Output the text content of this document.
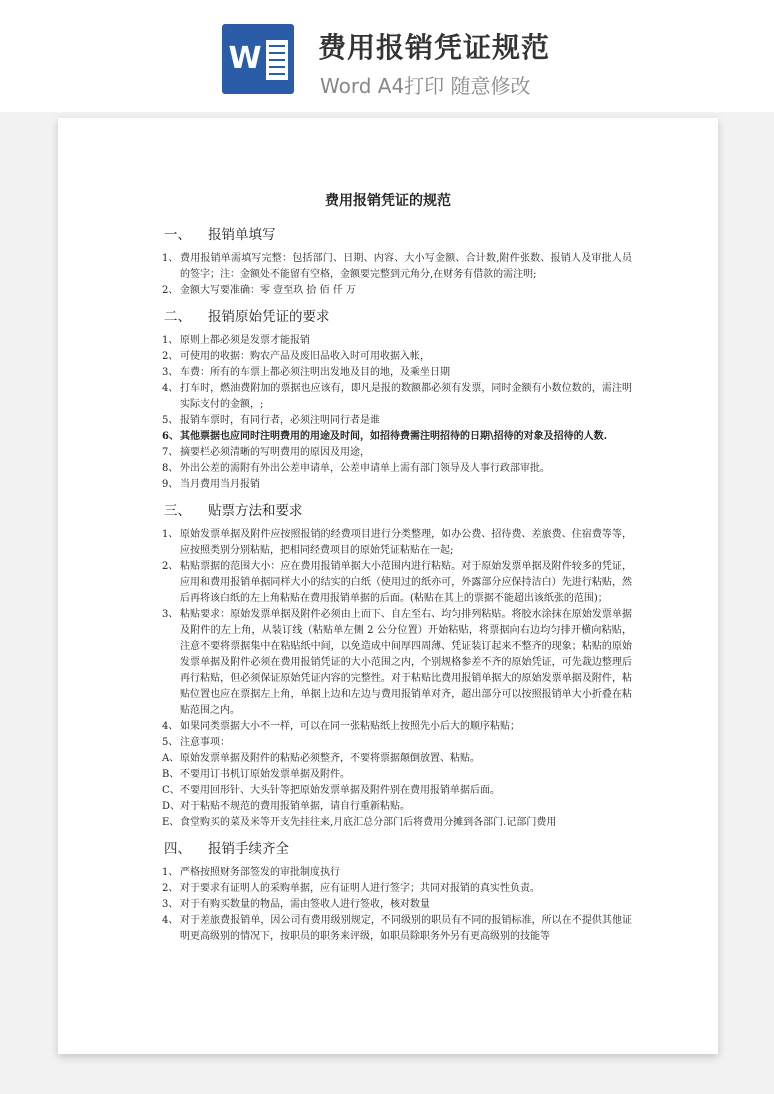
W 费用报销凭证规范
Word A4打印 随意修改
费用报销凭证的规范
一、 报销单填写
1、 费用报销单需填写完整：包括部门、日期、内容、大小写金额、合计数,附件张数、报销人及审批人员的签字；注：金额处不能留有空格，金额要完整到元角分,在财务有借款的需注明;
2、 金额大写要准确：零 壹至玖 拾 佰 仟 万
二、 报销原始凭证的要求
1、 原则上都必须是发票才能报销
2、 可使用的收据：购农产品及废旧品收入时可用收据入帐，
3、 车费：所有的车票上都必须注明出发地及目的地，及乘坐日期
4、 打车时，燃油费附加的票据也应该有，即凡是报的数额都必须有发票，同时金额有小数位数的，需注明实际支付的金额，;
5、 报销车票时，有同行者，必须注明同行者是谁
6、 其他票据也应同时注明费用的用途及时间，如招待费需注明招待的日期\招待的对象及招待的人数.
7、 摘要栏必须清晰的写明费用的原因及用途，
8、 外出公差的需附有外出公差申请单，公差申请单上需有部门领导及人事行政部审批。
9、 当月费用当月报销
三、 贴票方法和要求
1、 原始发票单据及附件应按照报销的经费项目进行分类整理，如办公费、招待费、差旅费、住宿费等等，应按照类别分别粘贴，把相同经费项目的原始凭证粘贴在一起;
2、 粘贴票据的范围大小：应在费用报销单据大小范围内进行粘贴。对于原始发票单据及附件较多的凭证，应用和费用报销单据同样大小的结实的白纸（使用过的纸亦可，外露部分应保持洁白）先进行粘贴，然后再将该白纸的左上角粘贴在费用报销单据的后面。(粘贴在其上的票据不能超出该纸张的范围)；
3、 粘贴要求：原始发票单据及附件必须由上而下、自左至右、均匀排列粘贴。将胶水涂抹在原始发票单据及附件的左上角，从装订线（粘贴单左侧 2 公分位置）开始粘贴，将票据向右边均匀排开横向粘贴，注意不要将票据集中在粘贴纸中间，以免造成中间厚四周薄、凭证装订起来不整齐的现象；粘贴的原始发票单据及附件必须在费用报销凭证的大小范围之内，个别规格参差不齐的原始凭证，可先裁边整理后再行粘贴，但必须保证原始凭证内容的完整性。对于粘贴比费用报销单据大的原始发票单据及附件，粘贴位置也应在票据左上角，单据上边和左边与费用报销单对齐，超出部分可以按照报销单大小折叠在粘贴范围之内。
4、 如果同类票据大小不一样，可以在同一张粘贴纸上按照先小后大的顺序粘贴；
5、 注意事项：
A、 原始发票单据及附件的粘贴必须整齐，不要将票据颠倒放置、粘贴。
B、 不要用订书机订原始发票单据及附件。
C、 不要用回形针、大头针等把原始发票单据及附件别在费用报销单据后面。
D、 对于粘贴不规范的费用报销单据，请自行重新粘贴。
E、 食堂购买的菜及米等开支先挂往来,月底汇总分部门后将费用分摊到各部门.记部门费用
四、 报销手续齐全
1、 严格按照财务部签发的审批制度执行
2、 对于要求有证明人的采购单据，应有证明人进行签字；共同对报销的真实性负责。
3、 对于有购买数量的物品，需由签收人进行签收，核对数量
4、 对于差旅费报销单，因公司有费用级别规定，不同级别的职员有不同的报销标准，所以在不提供其他证明更高级别的情况下，按职员的职务来评级，如职员除职务外另有更高级别的技能等
